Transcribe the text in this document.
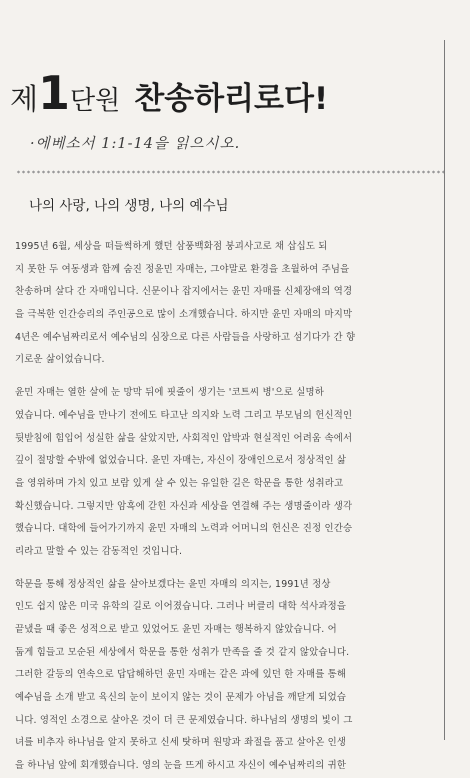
제1단원 찬송하리로다!
·에베소서 1:1-14을 읽으시오.
나의 사랑, 나의 생명, 나의 예수님
1995년 6월, 세상을 떠들썩하게 했던 삼풍백화점 붕괴사고로 채 삽십도 되
지 못한 두 여동생과 함께 숨진 정윤민 자매는, 그야말로 환경을 초월하여 주님을
찬송하며 살다 간 자매입니다. 신문이나 잡지에서는 윤민 자매를 신체장애의 역경
을 극복한 인간승리의 주인공으로 많이 소개했습니다. 하지만 윤민 자매의 마지막
4년은 예수님짜리로서 예수님의 심장으로 다른 사람들을 사랑하고 섬기다가 간 향
기로운 삶이었습니다.
윤민 자매는 열한 살에 눈 망막 뒤에 핏줄이 생기는 '코트씨 병'으로 실명하
였습니다. 예수님을 만나기 전에도 타고난 의지와 노력 그리고 부모님의 헌신적인
뒷받침에 힘입어 성실한 삶을 살았지만, 사회적인 압박과 현실적인 어려움 속에서
깊이 절망할 수밖에 없었습니다. 윤민 자매는, 자신이 장애인으로서 정상적인 삶
을 영위하며 가치 있고 보람 있게 살 수 있는 유일한 길은 학문을 통한 성취라고
확신했습니다. 그렇지만 암흑에 갇힌 자신과 세상을 연결해 주는 생명줄이라 생각
했습니다. 대학에 들어가기까지 윤민 자매의 노력과 어머니의 헌신은 진정 인간승
리라고 말할 수 있는 감동적인 것입니다.
학문을 통해 정상적인 삶을 살아보겠다는 윤민 자매의 의지는, 1991년 정상
인도 쉽지 않은 미국 유학의 길로 이어졌습니다. 그러나 버클리 대학 석사과정을
끝냈을 때 좋은 성적으로 받고 있었어도 윤민 자매는 행복하지 않았습니다. 어
둡게 힘들고 모순된 세상에서 학문을 통한 성취가 만족을 줄 것 같지 않았습니다.
그러한 갈등의 연속으로 답답해하던 윤민 자매는 같은 과에 있던 한 자매를 통해
예수님을 소개 받고 육신의 눈이 보이지 않는 것이 문제가 아님을 깨닫게 되었습
니다. 영적인 소경으로 살아온 것이 더 큰 문제였습니다. 하나님의 생명의 빛이 그
녀를 비추자 하나님을 알지 못하고 신세 탓하며 원망과 좌절을 품고 살아온 인생
을 하나님 앞에 회개했습니다. 영의 눈을 뜨게 하시고 자신이 예수님짜리의 귀한
